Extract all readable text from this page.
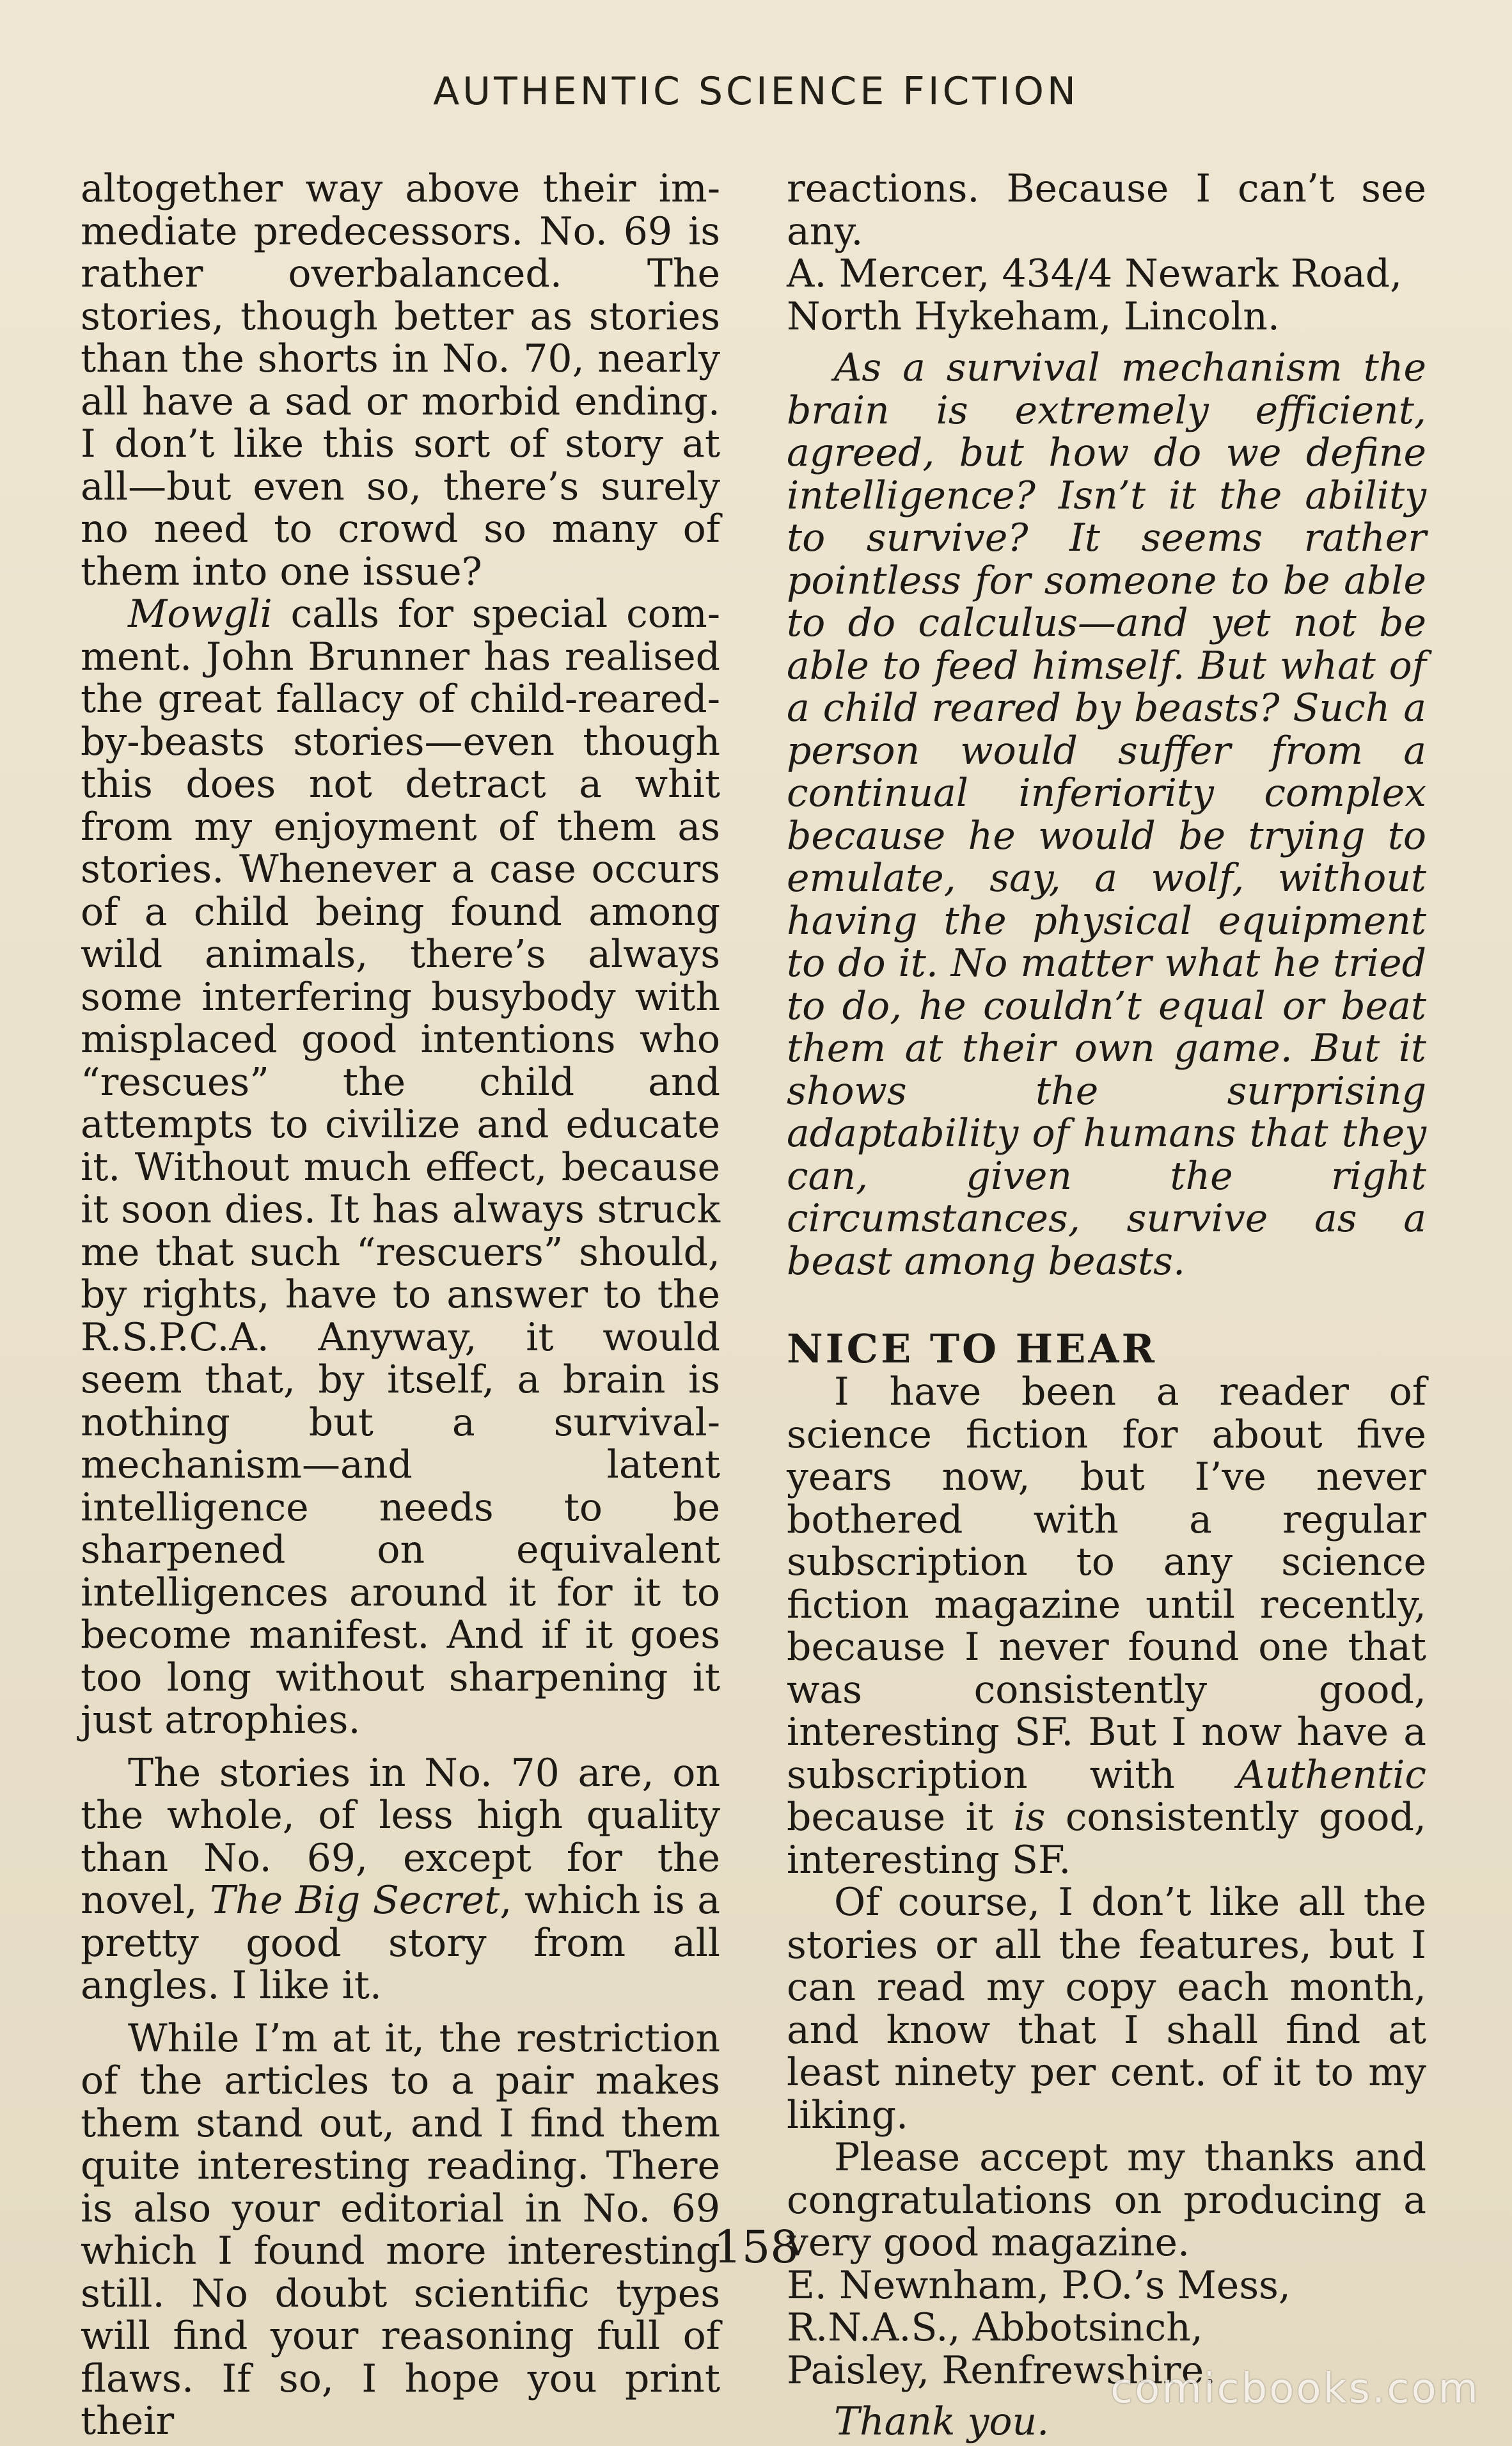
AUTHENTIC SCIENCE FICTION

altogether way above their immediate predecessors. No. 69 is rather overbalanced. The stories, though better as stories than the shorts in No. 70, nearly all have a sad or morbid ending. I don’t like this sort of story at all—but even so, there’s surely no need to crowd so many of them into one issue?

Mowgli calls for special comment. John Brunner has realised the great fallacy of child-reared-by-beasts stories—even though this does not detract a whit from my enjoyment of them as stories. Whenever a case occurs of a child being found among wild animals, there’s always some interfering busybody with misplaced good intentions who “rescues” the child and attempts to civilize and educate it. Without much effect, because it soon dies. It has always struck me that such “rescuers” should, by rights, have to answer to the R.S.P.C.A. Anyway, it would seem that, by itself, a brain is nothing but a survival-mechanism—and latent intelligence needs to be sharpened on equivalent intelligences around it for it to become manifest. And if it goes too long without sharpening it just atrophies.

The stories in No. 70 are, on the whole, of less high quality than No. 69, except for the novel, The Big Secret, which is a pretty good story from all angles. I like it.

While I’m at it, the restriction of the articles to a pair makes them stand out, and I find them quite interesting reading. There is also your editorial in No. 69 which I found more interesting still. No doubt scientific types will find your reasoning full of flaws. If so, I hope you print their

reactions. Because I can’t see any.

A. Mercer, 434/4 Newark Road,
North Hykeham, Lincoln.

As a survival mechanism the brain is extremely efficient, agreed, but how do we define intelligence? Isn’t it the ability to survive? It seems rather pointless for someone to be able to do calculus—and yet not be able to feed himself. But what of a child reared by beasts? Such a person would suffer from a continual inferiority complex because he would be trying to emulate, say, a wolf, without having the physical equipment to do it. No matter what he tried to do, he couldn’t equal or beat them at their own game. But it shows the surprising adaptability of humans that they can, given the right circumstances, survive as a beast among beasts.

NICE TO HEAR

I have been a reader of science fiction for about five years now, but I’ve never bothered with a regular subscription to any science fiction magazine until recently, because I never found one that was consistently good, interesting SF. But I now have a subscription with Authentic because it is consistently good, interesting SF.

Of course, I don’t like all the stories or all the features, but I can read my copy each month, and know that I shall find at least ninety per cent. of it to my liking.

Please accept my thanks and congratulations on producing a very good magazine.

E. Newnham, P.O.’s Mess,
R.N.A.S., Abbotsinch,
Paisley, Renfrewshire.

Thank you.

158
comicbooks.com
